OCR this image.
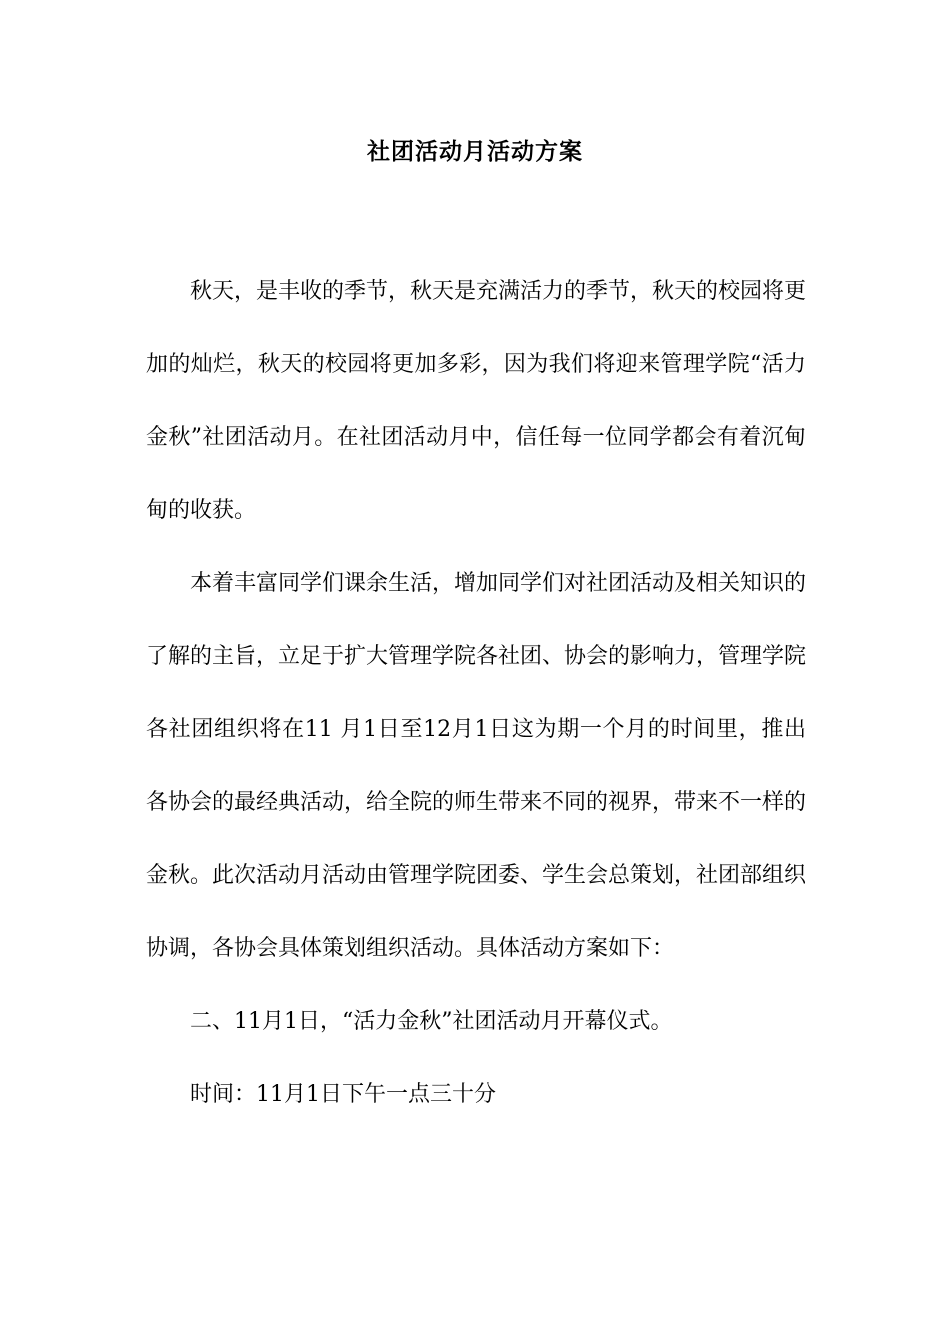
社团活动月活动方案

秋天，是丰收的季节，秋天是充满活力的季节，秋天的校园将更加的灿烂，秋天的校园将更加多彩，因为我们将迎来管理学院“活力金秋”社团活动月。在社团活动月中，信任每一位同学都会有着沉甸甸的收获。

本着丰富同学们课余生活，增加同学们对社团活动及相关知识的了解的主旨，立足于扩大管理学院各社团、协会的影响力，管理学院各社团组织将在11 月1日至12月1日这为期一个月的时间里，推出各协会的最经典活动，给全院的师生带来不同的视界，带来不一样的金秋。此次活动月活动由管理学院团委、学生会总策划，社团部组织协调，各协会具体策划组织活动。具体活动方案如下：

二、11月1日，“活力金秋”社团活动月开幕仪式。

时间：11月1日下午一点三十分
